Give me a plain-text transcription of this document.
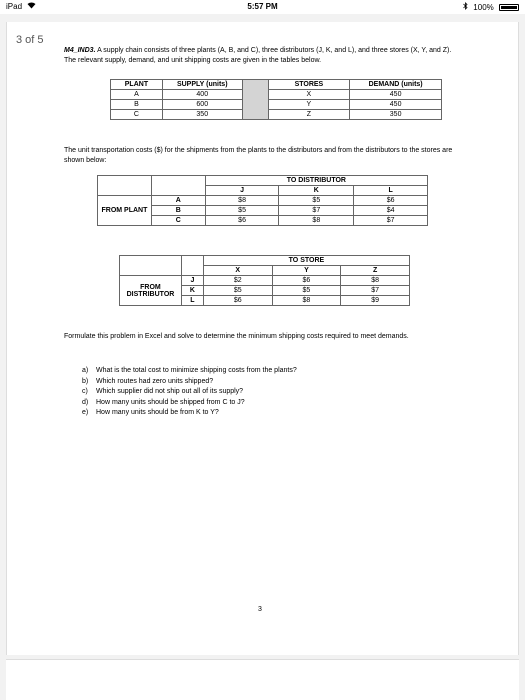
iPad	5:57 PM	100%
3 of 5
M4_IND3. A supply chain consists of three plants (A, B, and C), three distributors (J, K, and L), and three stores (X, Y, and Z). The relevant supply, demand, and unit shipping costs are given in the tables below.
PLANT	SUPPLY (units)		STORES	DEMAND (units)
A	400		X	450
B	600		Y	450
C	350		Z	350
The unit transportation costs ($) for the shipments from the plants to the distributors and from the distributors to the stores are shown below:
		TO DISTRIBUTOR		
		J	K	L
FROM PLANT	A	$8	$5	$6
	B	$5	$7	$4
	C	$6	$8	$7
		TO STORE		
		X	Y	Z
FROM DISTRIBUTOR	J	$2	$6	$8
	K	$5	$5	$7
	L	$6	$8	$9
Formulate this problem in Excel and solve to determine the minimum shipping costs required to meet demands.
a) What is the total cost to minimize shipping costs from the plants?
b) Which routes had zero units shipped?
c) Which supplier did not ship out all of its supply?
d) How many units should be shipped from C to J?
e) How many units should be from K to Y?
3
